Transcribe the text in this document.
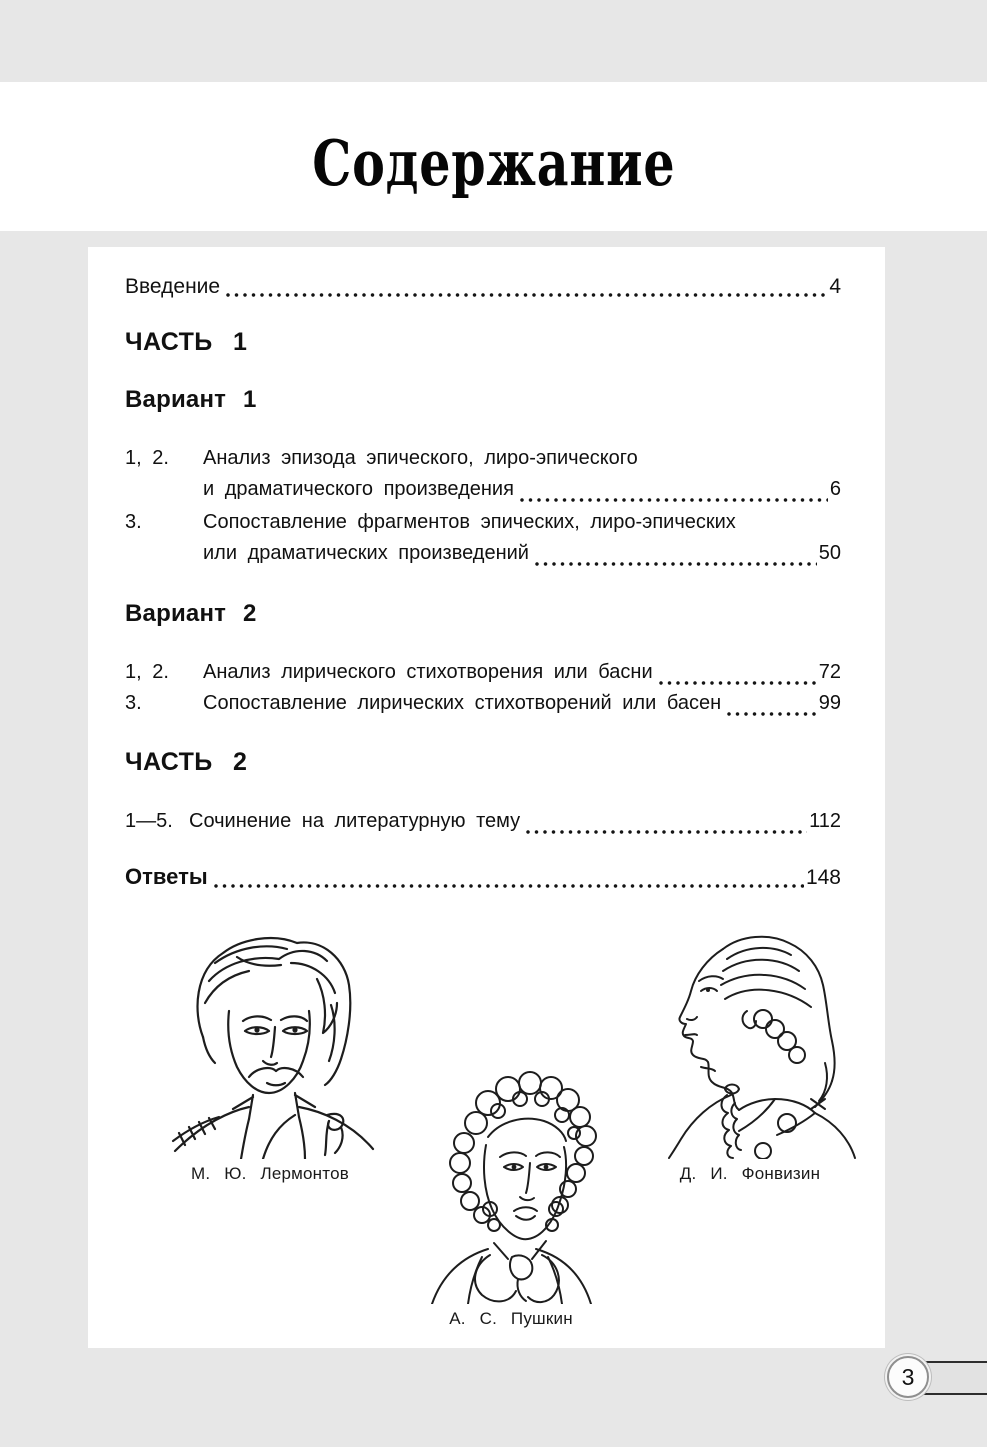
Содержание
Введение	4
ЧАСТЬ 1
Вариант 1
1, 2.	Анализ эпизода эпического, лиро-эпического
и драматического произведения	6
3.	Сопоставление фрагментов эпических, лиро-эпических
или драматических произведений	50
Вариант 2
1, 2.	Анализ лирического стихотворения или басни	72
3.	Сопоставление лирических стихотворений или басен	99
ЧАСТЬ 2
1—5. Сочинение на литературную тему	112
Ответы	148
М. Ю. Лермонтов
А. С. Пушкин
Д. И. Фонвизин
3
